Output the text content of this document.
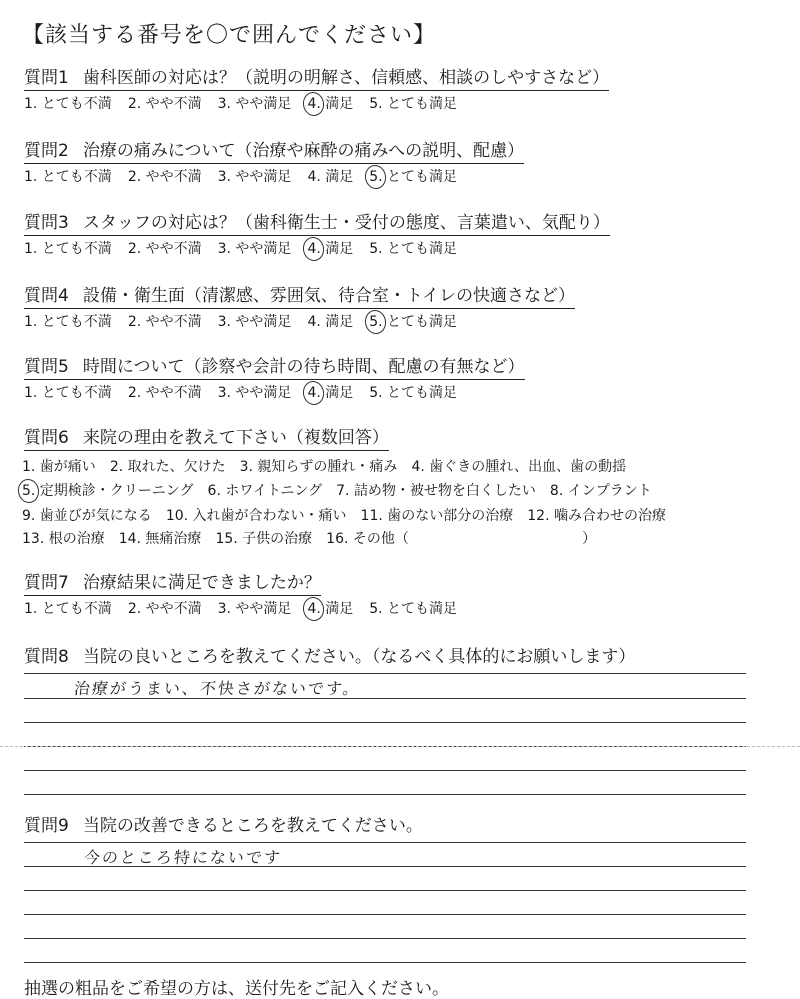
【該当する番号を〇で囲んでください】
質問1 歯科医師の対応は？（説明の明解さ、信頼感、相談のしやすさなど）
1. とても不満 2. やや不満 3. やや満足 4. 満足 5. とても満足
質問2 治療の痛みについて（治療や麻酔の痛みへの説明、配慮）
1. とても不満 2. やや不満 3. やや満足 4. 満足 5. とても満足
質問3 スタッフの対応は？（歯科衛生士・受付の態度、言葉遣い、気配り）
1. とても不満 2. やや不満 3. やや満足 4. 満足 5. とても満足
質問4 設備・衛生面（清潔感、雰囲気、待合室・トイレの快適さなど）
1. とても不満 2. やや不満 3. やや満足 4. 満足 5. とても満足
質問5 時間について（診察や会計の待ち時間、配慮の有無など）
1. とても不満 2. やや不満 3. やや満足 4. 満足 5. とても満足
質問6 来院の理由を教えて下さい（複数回答）
1. 歯が痛い 2. 取れた、欠けた 3. 親知らずの腫れ・痛み 4. 歯ぐきの腫れ、出血、歯の動揺
5. 定期検診・クリーニング 6. ホワイトニング 7. 詰め物・被せ物を白くしたい 8. インプラント
9. 歯並びが気になる 10. 入れ歯が合わない・痛い 11. 歯のない部分の治療 12. 噛み合わせの治療
13. 根の治療 14. 無痛治療 15. 子供の治療 16. その他（	）
質問7 治療結果に満足できましたか？
1. とても不満 2. やや不満 3. やや満足 4. 満足 5. とても満足
質問8 当院の良いところを教えてください。（なるべく具体的にお願いします）
治療がうまい、不快さがないです。
質問9 当院の改善できるところを教えてください。
今のところ特にないです
抽選の粗品をご希望の方は、送付先をご記入ください。
